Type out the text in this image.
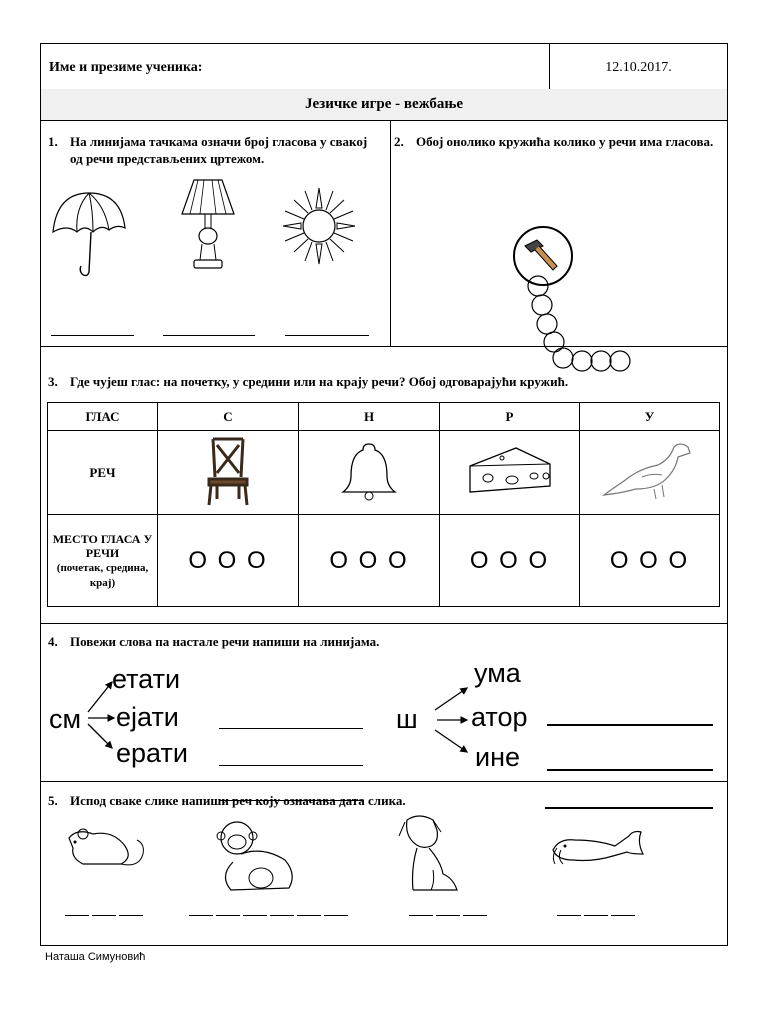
Име и презиме ученика:	12.10.2017.
Језичке игре - вежбање
1. На линијама тачкама означи број гласова у свакој од речи представљених цртежом.
2. Обој онолико кружића колико у речи има гласова.
3. Где чујеш глас: на почетку, у средини или на крају речи? Обој одговарајући кружић.
ГЛАС	С	Н	Р	У
РЕЧ				
МЕСТО ГЛАСА У РЕЧИ
(почетак, средина, крај)	О О О	О О О	О О О	О О О
4. Повежи слова па настале речи напиши на линијама.
см
етати
ејати
ерати
ш
ума
атор
ине
5. Испод сваке слике напиши реч коју означава дата слика.
Наташа Симуновић
